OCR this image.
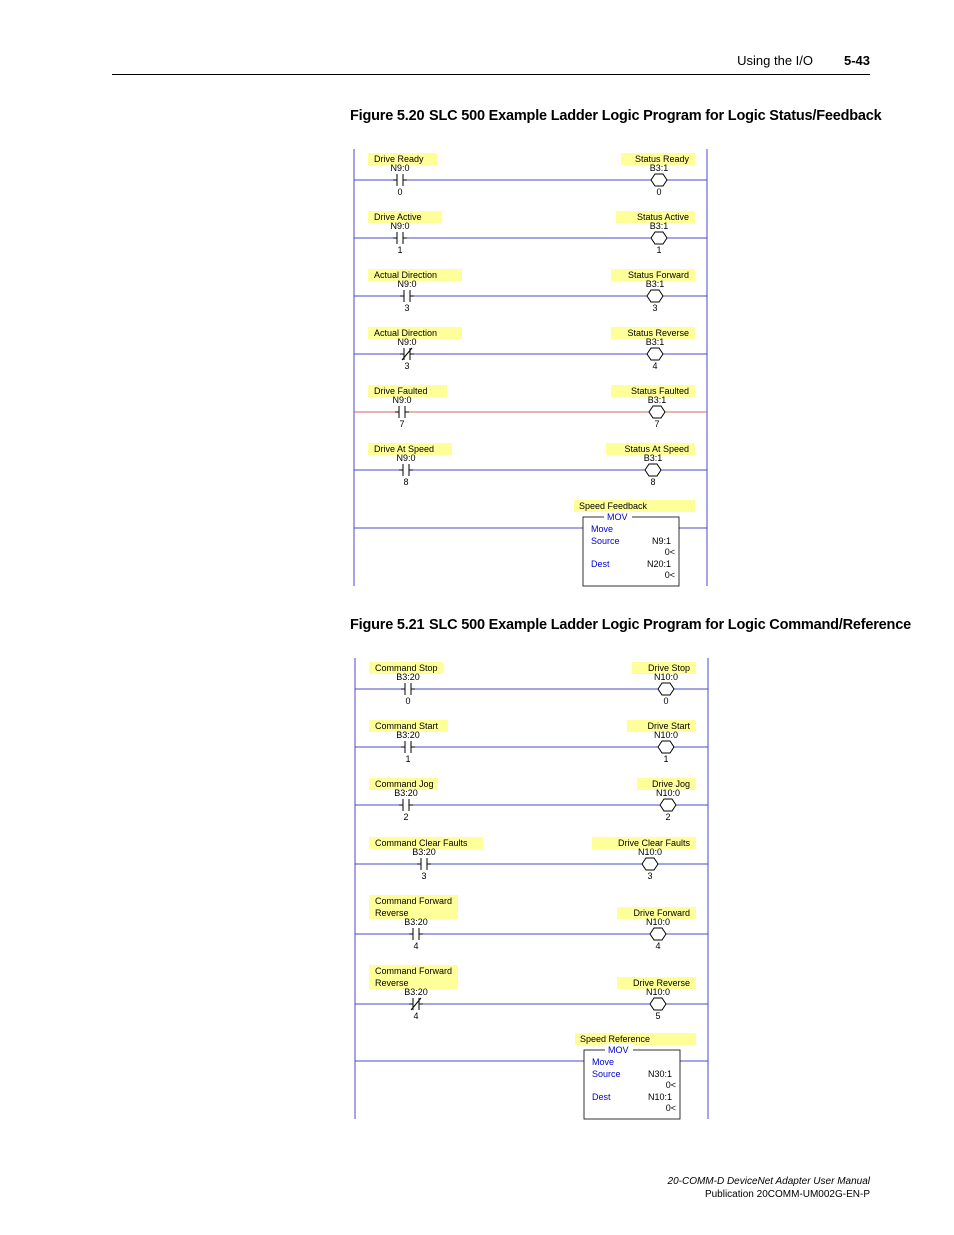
Using the I/O	5-43
Figure 5.20 SLC 500 Example Ladder Logic Program for Logic Status/Feedback
Figure 5.21 SLC 500 Example Ladder Logic Program for Logic Command/Reference
Drive Ready
N9:0
0
Status Ready
B3:1
0
Drive Active
N9:0
1
Status Active
B3:1
1
Actual Direction
N9:0
3
Status Forward
B3:1
3
Actual Direction
N9:0
3
Status Reverse
B3:1
4
Drive Faulted
N9:0
7
Status Faulted
B3:1
7
Drive At Speed
N9:0
8
Status At Speed
B3:1
8
Speed Feedback
MOV
Move
Source	N9:1
0<
Dest	N20:1
0<
Command Stop
B3:20
0
Drive Stop
N10:0
0
Command Start
B3:20
1
Drive Start
N10:0
1
Command Jog
B3:20
2
Drive Jog
N10:0
2
Command Clear Faults
B3:20
3
Drive Clear Faults
N10:0
3
Command Forward
Reverse
B3:20
4
Drive Forward
N10:0
4
Command Forward
Reverse
B3:20
4
Drive Reverse
N10:0
5
Speed Reference
MOV
Move
Source	N30:1
0<
Dest	N10:1
0<
20-COMM-D DeviceNet Adapter User Manual
Publication 20COMM-UM002G-EN-P
